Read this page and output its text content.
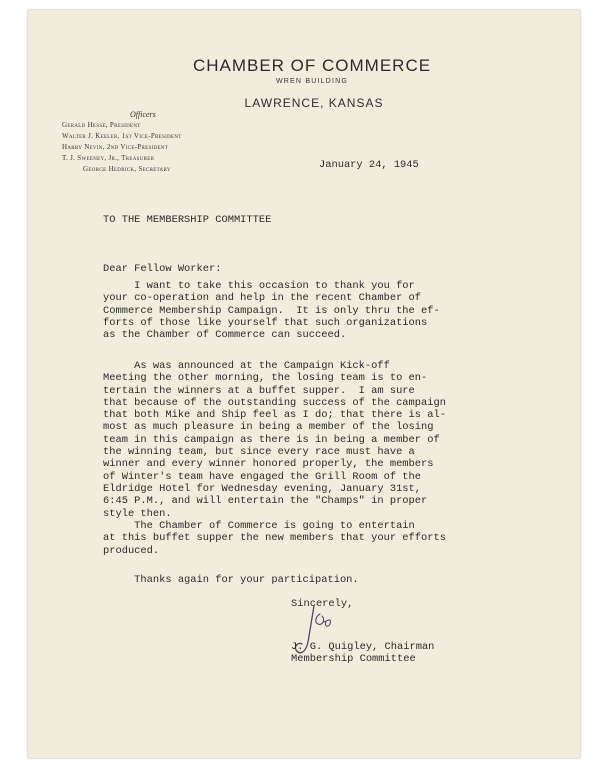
CHAMBER OF COMMERCE
WREN BUILDING
LAWRENCE, KANSAS
Officers
Gerald Hesse, President
Walter J. Keeler, 1st Vice-President
Harry Nevin, 2nd Vice-President
T. J. Sweeney, Jr., Treasurer
George Hedrick, Secretary	January 24, 1945
TO THE MEMBERSHIP COMMITTEE
Dear Fellow Worker:
I want to take this occasion to thank you for
your co-operation and help in the recent Chamber of
Commerce Membership Campaign.  It is only thru the ef-
forts of those like yourself that such organizations
as the Chamber of Commerce can succeed.
As was announced at the Campaign Kick-off
Meeting the other morning, the losing team is to en-
tertain the winners at a buffet supper.  I am sure
that because of the outstanding success of the campaign
that both Mike and Ship feel as I do; that there is al-
most as much pleasure in being a member of the losing
team in this campaign as there is in being a member of
the winning team, but since every race must have a
winner and every winner honored properly, the members
of Winter's team have engaged the Grill Room of the
Eldridge Hotel for Wednesday evening, January 31st,
6:45 P.M., and will entertain the "Champs" in proper
style then.
The Chamber of Commerce is going to entertain
at this buffet supper the new members that your efforts
produced.
Thanks again for your participation.
Sincerely,
J. G. Quigley, Chairman
Membership Committee
